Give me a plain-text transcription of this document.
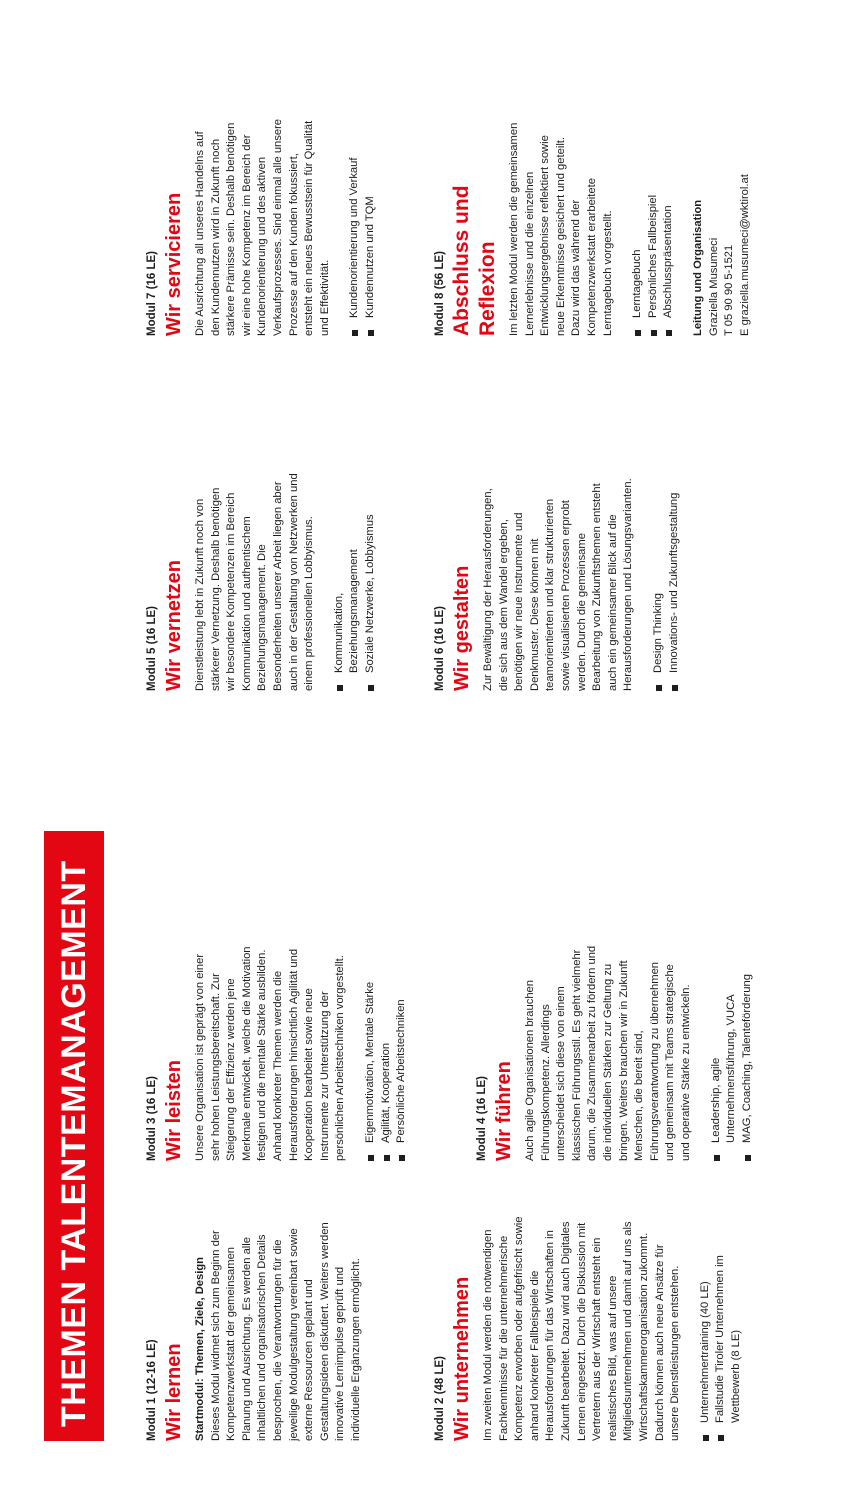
THEMEN TALENTEMANAGEMENT	Modul 1 (12-16 LE) Wir lernen Startmodul: Themen, Ziele, Design Dieses Modul widmet sich zum Beginn der Kompetenzwerkstatt der gemeinsamen Planung und Ausrichtung. Es werden alle inhaltlichen und organisatorischen Details besprochen, die Verantwortungen für die jeweilige Modulgestaltung vereinbart sowie externe Ressourcen geplant und Gestaltungsideen diskutiert. Weiters werden innovative Lernimpulse geprüft und individuelle Ergänzungen ermöglicht.	Modul 2 (48 LE) Wir unternehmen Im zweiten Modul werden die notwendigen Fachkenntnisse für die unternehmerische Kompetenz erworben oder aufgefrischt sowie anhand konkreter Fallbeispiele die Herausforderungen für das Wirtschaften in Zukunft bearbeitet. Dazu wird auch Digitales Lernen eingesetzt. Durch die Diskussion mit Vertretern aus der Wirtschaft entsteht ein realistisches Bild, was auf unsere Mitgliedsunternehmen und damit auf uns als Wirtschaftskammerorganisation zukommt. Dadurch können auch neue Ansätze für unsere Dienstleistungen entstehen. Unternehmertraining (40 LE) Fallstudie Tiroler Unternehmen im Wettbewerb (8 LE)
Modul 3 (16 LE) Wir leisten Unsere Organisation ist geprägt von einer sehr hohen Leistungsbereitschaft. Zur Steigerung der Effizienz werden jene Merkmale entwickelt, welche die Motivation festigen und die mentale Stärke ausbilden. Anhand konkreter Themen werden die Herausforderungen hinsichtlich Agilität und Kooperation bearbeitet sowie neue Instrumente zur Unterstützung der persönlichen Arbeitstechniken vorgestellt. Eigenmotivation, Mentale Stärke Agilität, Kooperation Persönliche Arbeitstechniken	Modul 4 (16 LE) Wir führen Auch agile Organisationen brauchen Führungskompetenz. Allerdings unterscheidet sich diese von einem klassischen Führungsstil. Es geht vielmehr darum, die Zusammenarbeit zu fördern und die individuellen Stärken zur Geltung zu bringen. Weiters brauchen wir in Zukunft Menschen, die bereit sind, Führungsverantwortung zu übernehmen und gemeinsam mit Teams strategische und operative Stärke zu entwickeln. Leadership, agile Unternehmensführung, VUCA MAG, Coaching, Talenteförderung
Modul 5 (16 LE) Wir vernetzen Dienstleistung lebt in Zukunft noch von stärkerer Vernetzung. Deshalb benötigen wir besondere Kompetenzen im Bereich Kommunikation und authentischem Beziehungsmanagement. Die Besonderheiten unserer Arbeit liegen aber auch in der Gestaltung von Netzwerken und einem professionellen Lobbyismus. Kommunikation, Beziehungsmanagement Soziale Netzwerke, Lobbyismus	Modul 6 (16 LE) Wir gestalten Zur Bewältigung der Herausforderungen, die sich aus dem Wandel ergeben, benötigen wir neue Instrumente und Denkmuster. Diese können mit teamorientierten und klar strukturierten sowie visualisierten Prozessen erprobt werden. Durch die gemeinsame Bearbeitung von Zukunftsthemen entsteht auch ein gemeinsamer Blick auf die Herausforderungen und Lösungsvarianten. Design Thinking Innovations- und Zukunftsgestaltung
Modul 7 (16 LE) Wir servicieren Die Ausrichtung all unseres Handelns auf den Kundennutzen wird in Zukunft noch stärkere Prämisse sein. Deshalb benötigen wir eine hohe Kompetenz im Bereich der Kundenorientierung und des aktiven Verkaufsprozesses. Sind einmal alle unsere Prozesse auf den Kunden fokussiert, entsteht ein neues Bewusstsein für Qualität und Effektivität. Kundenorientierung und Verkauf Kundennutzen und TQM	Modul 8 (56 LE) Abschluss und Reflexion Im letzten Modul werden die gemeinsamen Lernerlebnisse und die einzelnen Entwicklungsergebnisse reflektiert sowie neue Erkenntnisse gesichert und geteilt. Dazu wird das während der Kompetenzwerkstatt erarbeitete Lerntagebuch vorgestellt. Lerntagebuch Persönliches Fallbeispiel Abschlusspräsentation Leitung und Organisation Graziella Musumeci T 05 90 90 5-1521 E graziella.musumeci@wktirol.at
